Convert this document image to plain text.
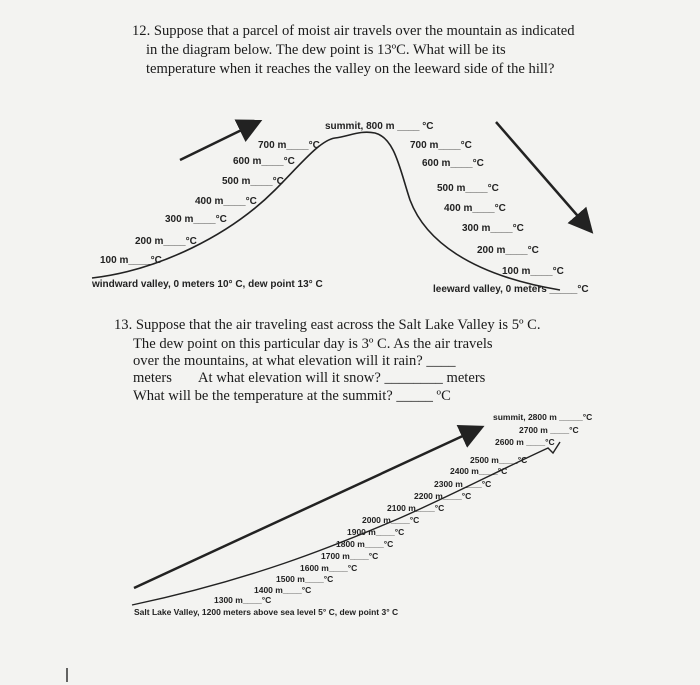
12. Suppose that a parcel of moist air travels over the mountain as indicated
in the diagram below. The dew point is 13ºC. What will be its
temperature when it reaches the valley on the leeward side of the hill?
summit, 800 m ____ °C
700 m____°C
600 m____°C
500 m____°C
400 m____°C
300 m____°C
200 m____°C
100 m____°C
windward valley, 0 meters 10° C, dew point 13° C
700 m____°C
600 m____°C
500 m____°C
400 m____°C
300 m____°C
200 m____°C
100 m____°C
leeward valley, 0 meters _____°C
13. Suppose that the air traveling east across the Salt Lake Valley is 5º C.
The dew point on this particular day is 3º C. As the air travels
over the mountains, at what elevation will it rain? ____
meters At what elevation will it snow? ________ meters
What will be the temperature at the summit? _____ ºC
summit, 2800 m _____°C
2700 m ____°C
2600 m ____°C
2500 m____°C
2400 m____°C
2300 m____°C
2200 m____°C
2100 m____°C
2000 m____°C
1900 m____°C
1800 m____°C
1700 m____°C
1600 m____°C
1500 m____°C
1400 m____°C
1300 m____°C
Salt Lake Valley, 1200 meters above sea level 5° C, dew point 3° C
